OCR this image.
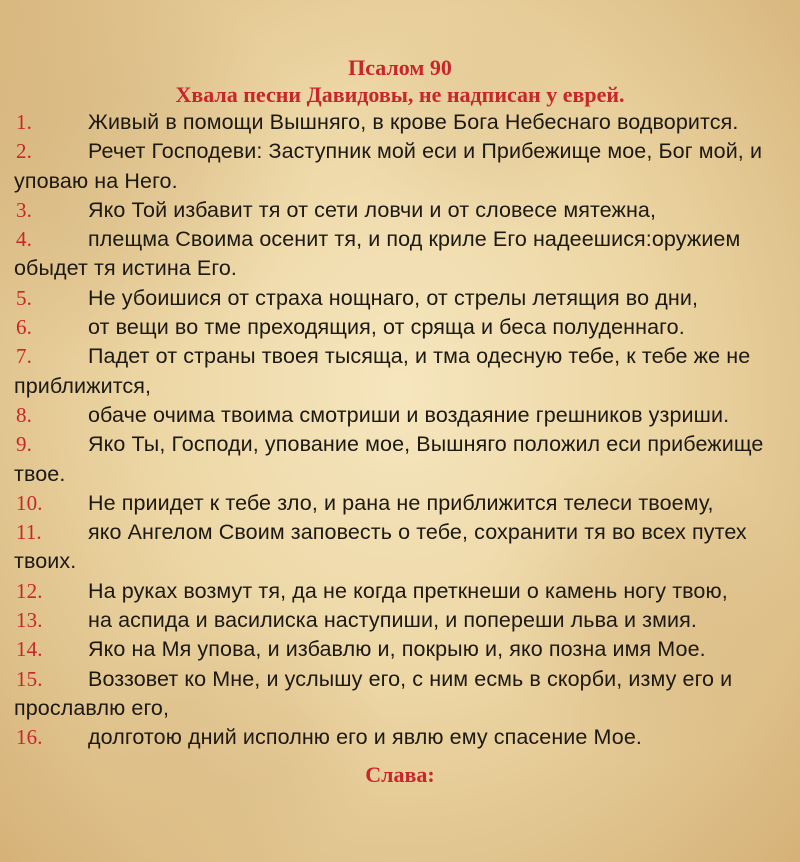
Псалом 90
Хвала песни Давидовы, не надписан у еврей.
1.	Живый в помощи Вышняго, в крове Бога Небеснаго водворится.
2.	Речет Господеви: Заступник мой еси и Прибежище мое, Бог мой, и уповаю на Него.
3.	Яко Той избавит тя от сети ловчи и от словесе мятежна,
4.	плещма Своима осенит тя, и под криле Его надеешися:оружием обыдет тя истина Его.
5.	Не убоишися от страха нощнаго, от стрелы летящия во дни,
6.	от вещи во тме преходящия, от сряща и беса полуденнаго.
7.	Падет от страны твоея тысяща, и тма одесную тебе, к тебе же не приближится,
8.	обаче очима твоима смотриши и воздаяние грешников узриши.
9.	Яко Ты, Господи, упование мое, Вышняго положил еси прибежище твое.
10. Не приидет к тебе зло, и рана не приближится телеси твоему,
11. яко Ангелом Своим заповесть о тебе, сохранити тя во всех путех твоих.
12. На руках возмут тя, да не когда преткнеши о камень ногу твою,
13. на аспида и василиска наступиши, и попереши льва и змия.
14. Яко на Мя упова, и избавлю и, покрыю и, яко позна имя Мое.
15. Воззовет ко Мне, и услышу его, с ним есмь в скорби, изму его и прославлю его,
16. долготою дний исполню его и явлю ему спасение Мое.
Слава:
